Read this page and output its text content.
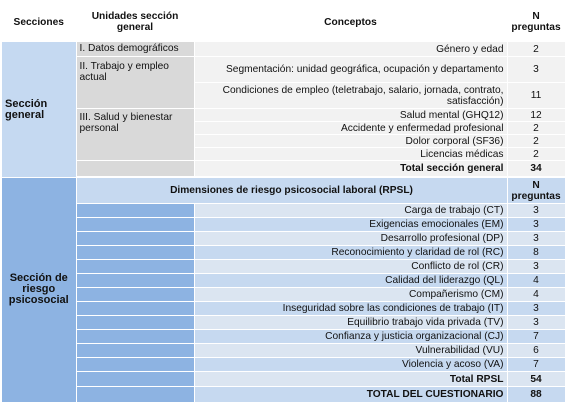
Secciones	Unidades sección general	Conceptos	N preguntas
Sección general	I. Datos demográficos	Género y edad	2
	II. Trabajo y empleo actual	Segmentación: unidad geográfica, ocupación y departamento	3
		Condiciones de empleo (teletrabajo, salario, jornada, contrato, satisfacción)	11
	III. Salud y bienestar personal	Salud mental (GHQ12)	12
		Accidente y enfermedad profesional	2
		Dolor corporal (SF36)	2
		Licencias médicas	2
		Total sección general	34

Sección de riesgo psicosocial	Dimensiones de riesgo psicosocial laboral (RPSL)		N preguntas
		Carga de trabajo (CT)	3
		Exigencias emocionales (EM)	3
		Desarrollo profesional (DP)	3
		Reconocimiento y claridad de rol (RC)	8
		Conflicto de rol (CR)	3
		Calidad del liderazgo (QL)	4
		Compañerismo (CM)	4
		Inseguridad sobre las condiciones de trabajo (IT)	3
		Equilibrio trabajo vida privada (TV)	3
		Confianza y justicia organizacional (CJ)	7
		Vulnerabilidad (VU)	6
		Violencia y acoso (VA)	7
		Total RPSL	54
		TOTAL DEL CUESTIONARIO	88
